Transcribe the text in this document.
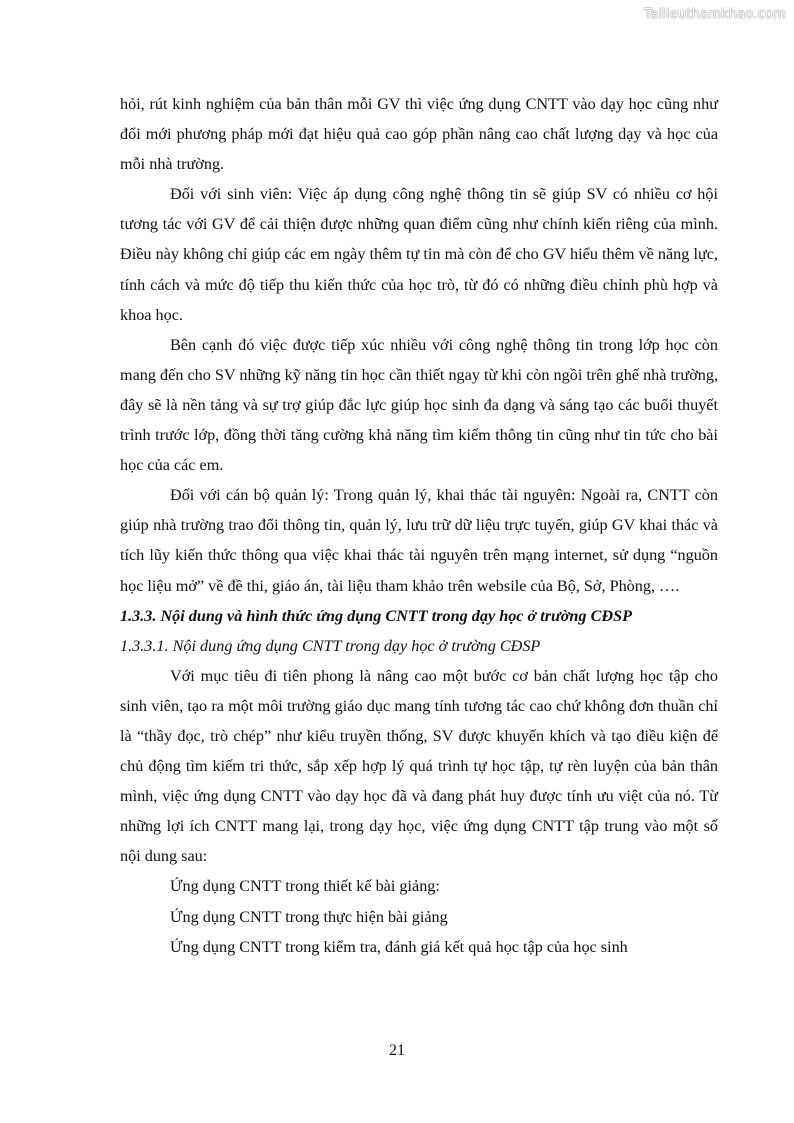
Tailieuthamkhao.com

hỏi, rút kinh nghiệm của bản thân mỗi GV thì việc ứng dụng CNTT vào dạy học cũng như đổi mới phương pháp mới đạt hiệu quả cao góp phần nâng cao chất lượng dạy và học của mỗi nhà trường.

Đối với sinh viên: Việc áp dụng công nghệ thông tin sẽ giúp SV có nhiều cơ hội tương tác với GV để cải thiện được những quan điểm cũng như chính kiến riêng của mình. Điều này không chỉ giúp các em ngày thêm tự tin mà còn để cho GV hiểu thêm về năng lực, tính cách và mức độ tiếp thu kiến thức của học trò, từ đó có những điều chỉnh phù hợp và khoa học.

Bên cạnh đó việc được tiếp xúc nhiều với công nghệ thông tin trong lớp học còn mang đến cho SV những kỹ năng tin học cần thiết ngay từ khi còn ngồi trên ghế nhà trường, đây sẽ là nền tảng và sự trợ giúp đắc lực giúp học sinh đa dạng và sáng tạo các buổi thuyết trình trước lớp, đồng thời tăng cường khả năng tìm kiếm thông tin cũng như tin tức cho bài học của các em.

Đối với cán bộ quản lý: Trong quản lý, khai thác tài nguyên: Ngoài ra, CNTT còn giúp nhà trường trao đổi thông tin, quản lý, lưu trữ dữ liệu trực tuyến, giúp GV khai thác và tích lũy kiến thức thông qua việc khai thác tài nguyên trên mạng internet, sử dụng “nguồn học liệu mở” về đề thi, giáo án, tài liệu tham khảo trên websile của Bộ, Sở, Phòng, ….

1.3.3. Nội dung và hình thức ứng dụng CNTT trong dạy học ở trường CĐSP

1.3.3.1. Nội dung ứng dụng CNTT trong dạy học ở trường CĐSP

Với mục tiêu đi tiên phong là nâng cao một bước cơ bản chất lượng học tập cho sinh viên, tạo ra một môi trường giáo dục mang tính tương tác cao chứ không đơn thuần chỉ là “thầy đọc, trò chép” như kiểu truyền thống, SV được khuyến khích và tạo điều kiện để chủ động tìm kiếm tri thức, sắp xếp hợp lý quá trình tự học tập, tự rèn luyện của bản thân mình, việc ứng dụng CNTT vào dạy học đã và đang phát huy được tính ưu việt của nó. Từ những lợi ích CNTT mang lại, trong dạy học, việc ứng dụng CNTT tập trung vào một số nội dung sau:

Ứng dụng CNTT trong thiết kế bài giảng:

Ứng dụng CNTT trong thực hiện bài giảng

Ứng dụng CNTT trong kiểm tra, đánh giá kết quả học tập của học sinh

21
